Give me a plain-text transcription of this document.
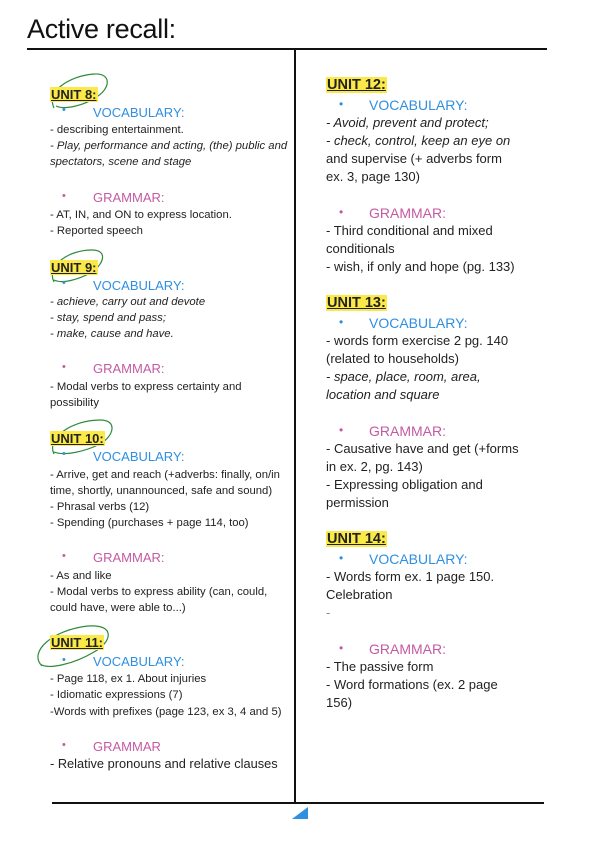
Active recall:
UNIT 8:
• VOCABULARY:
- describing entertainment.
- Play, performance and acting, (the) public and
spectators, scene and stage
• GRAMMAR:
- AT, IN, and ON to express location.
- Reported speech
UNIT 9:
• VOCABULARY:
- achieve, carry out and devote
- stay, spend and pass;
- make, cause and have.
• GRAMMAR:
- Modal verbs to express certainty and
possibility
UNIT 10:
• VOCABULARY:
- Arrive, get and reach (+adverbs: finally, on/in
time, shortly, unannounced, safe and sound)
- Phrasal verbs (12)
- Spending (purchases + page 114, too)
• GRAMMAR:
- As and like
- Modal verbs to express ability (can, could,
could have, were able to...)
UNIT 11:
• VOCABULARY:
- Page 118, ex 1. About injuries
- Idiomatic expressions (7)
-Words with prefixes (page 123, ex 3, 4 and 5)
• GRAMMAR
- Relative pronouns and relative clauses
UNIT 12:
• VOCABULARY:
- Avoid, prevent and protect;
- check, control, keep an eye on
and supervise (+ adverbs form
ex. 3, page 130)
• GRAMMAR:
- Third conditional and mixed
conditionals
- wish, if only and hope (pg. 133)
UNIT 13:
• VOCABULARY:
- words form exercise 2 pg. 140
(related to households)
- space, place, room, area,
location and square
• GRAMMAR:
- Causative have and get (+forms
in ex. 2, pg. 143)
- Expressing obligation and
permission
UNIT 14:
• VOCABULARY:
- Words form ex. 1 page 150.
Celebration
-
• GRAMMAR:
- The passive form
- Word formations (ex. 2 page
156)
